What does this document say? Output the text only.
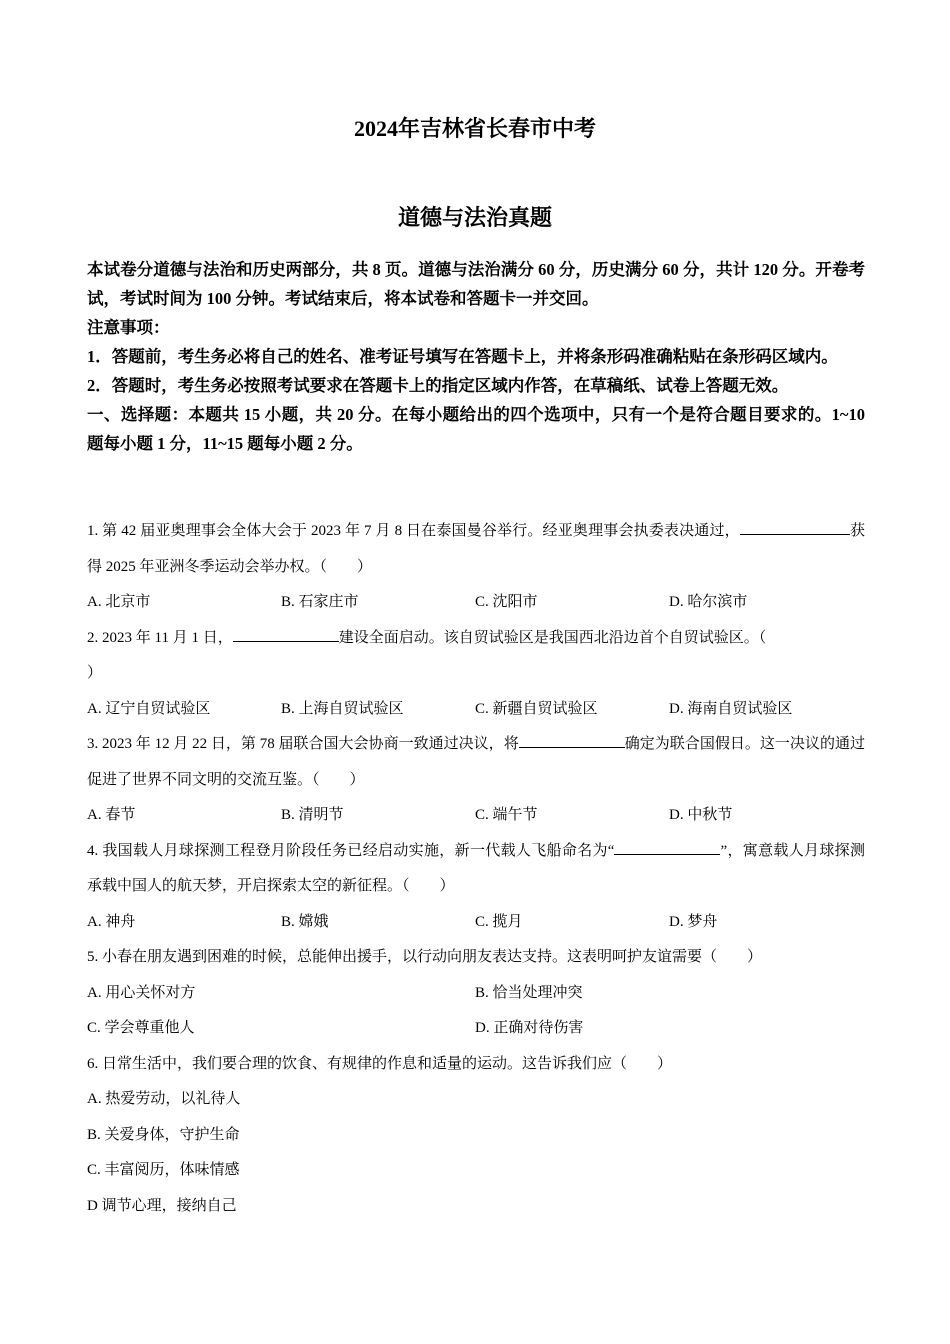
2024年吉林省长春市中考
道德与法治真题

本试卷分道德与法治和历史两部分，共 8 页。道德与法治满分 60 分，历史满分 60 分，共计 120 分。开卷考试，考试时间为 100 分钟。考试结束后，将本试卷和答题卡一并交回。

注意事项：

1．答题前，考生务必将自己的姓名、准考证号填写在答题卡上，并将条形码准确粘贴在条形码区域内。

2．答题时，考生务必按照考试要求在答题卡上的指定区域内作答，在草稿纸、试卷上答题无效。

一、选择题：本题共 15 小题，共 20 分。在每小题给出的四个选项中，只有一个是符合题目要求的。1~10 题每小题 1 分，11~15 题每小题 2 分。

1. 第 42 届亚奥理事会全体大会于 2023 年 7 月 8 日在泰国曼谷举行。经亚奥理事会执委表决通过，	获得 2025 年亚洲冬季运动会举办权。（　　）

A. 北京市	B. 石家庄市	C. 沈阳市	D. 哈尔滨市

2. 2023 年 11 月 1 日，	建设全面启动。该自贸试验区是我国西北沿边首个自贸试验区。（
）

A. 辽宁自贸试验区	B. 上海自贸试验区	C. 新疆自贸试验区	D. 海南自贸试验区

3. 2023 年 12 月 22 日，第 78 届联合国大会协商一致通过决议，将	确定为联合国假日。这一决议的通过促进了世界不同文明的交流互鉴。（　　）

A. 春节	B. 清明节	C. 端午节	D. 中秋节

4. 我国载人月球探测工程登月阶段任务已经启动实施，新一代载人飞船命名为“	”，寓意载人月球探测承载中国人的航天梦，开启探索太空的新征程。（　　）

A. 神舟	B. 嫦娥	C. 揽月	D. 梦舟

5. 小春在朋友遇到困难的时候，总能伸出援手，以行动向朋友表达支持。这表明呵护友谊需要（　　）

A. 用心关怀对方	B. 恰当处理冲突
C. 学会尊重他人	D. 正确对待伤害

6. 日常生活中，我们要合理的饮食、有规律的作息和适量的运动。这告诉我们应（　　）

A. 热爱劳动，以礼待人

B. 关爱身体，守护生命

C. 丰富阅历，体味情感

D 调节心理，接纳自己
